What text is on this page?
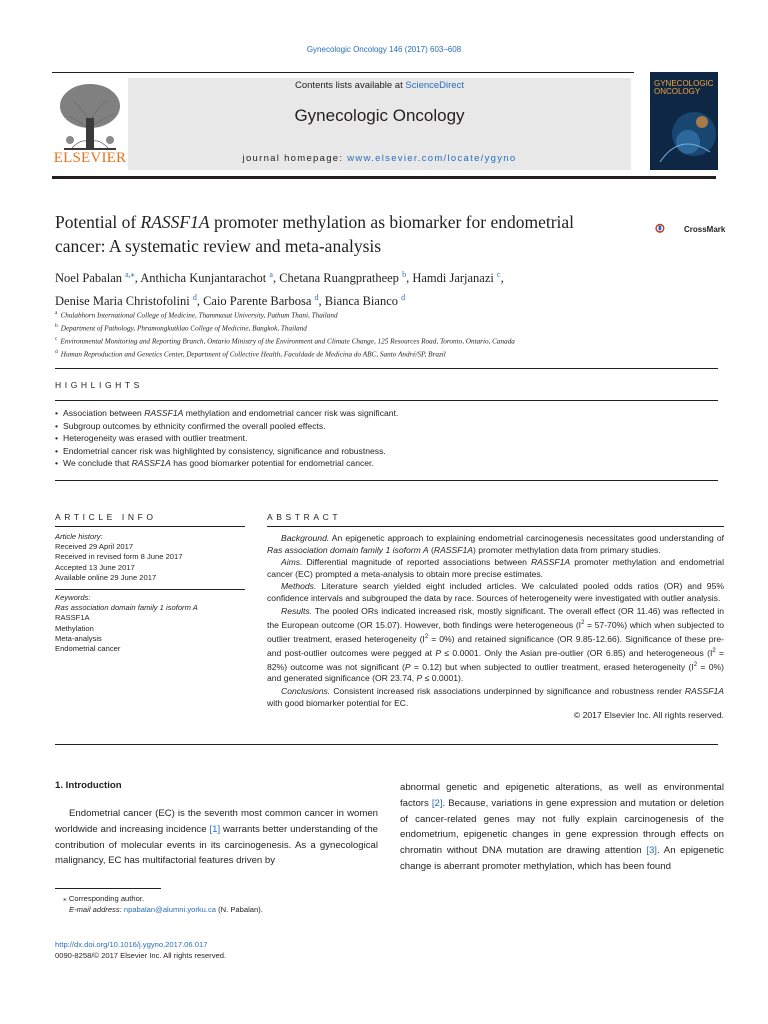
Gynecologic Oncology 146 (2017) 603–608
ELSEVIER
Contents lists available at ScienceDirect
Gynecologic Oncology
journal homepage: www.elsevier.com/locate/ygyno
GYNECOLOGIC
ONCOLOGY
Potential of RASSF1A promoter methylation as biomarker for endometrial
cancer: A systematic review and meta-analysis
CrossMark
Noel Pabalan $^{a,⁎}$, Anthicha Kunjantarachot $^a$, Chetana Ruangpratheep $^b$, Hamdi Jarjanazi $^c$,
Denise Maria Christofolini $^d$, Caio Parente Barbosa $^d$, Bianca Bianco $^d$
$^a$ Chulabhorn International College of Medicine, Thammasat University, Pathum Thani, Thailand
$^b$ Department of Pathology, Phramongkutklao College of Medicine, Bangkok, Thailand
$^c$ Environmental Monitoring and Reporting Branch, Ontario Ministry of the Environment and Climate Change, 125 Resources Road, Toronto, Ontario, Canada
$^d$ Human Reproduction and Genetics Center, Department of Collective Health, Faculdade de Medicina do ABC, Santo André/SP, Brazil
HIGHLIGHTS
• Association between RASSF1A methylation and endometrial cancer risk was significant.
• Subgroup outcomes by ethnicity confirmed the overall pooled effects.
• Heterogeneity was erased with outlier treatment.
• Endometrial cancer risk was highlighted by consistency, significance and robustness.
• We conclude that RASSF1A has good biomarker potential for endometrial cancer.
ARTICLE INFO
Article history:
Received 29 April 2017
Received in revised form 8 June 2017
Accepted 13 June 2017
Available online 29 June 2017
Keywords:
Ras association domain family 1 isoform A
RASSF1A
Methylation
Meta-analysis
Endometrial cancer
ABSTRACT

Background. An epigenetic approach to explaining endometrial carcinogenesis necessitates good understanding of Ras association domain family 1 isoform A (RASSF1A) promoter methylation data from primary studies.

Aims. Differential magnitude of reported associations between RASSF1A promoter methylation and endometrial cancer (EC) prompted a meta-analysis to obtain more precise estimates.

Methods. Literature search yielded eight included articles. We calculated pooled odds ratios (OR) and 95% confidence intervals and subgrouped the data by race. Sources of heterogeneity were investigated with outlier analysis.

Results. The pooled ORs indicated increased risk, mostly significant. The overall effect (OR 11.46) was reflected in the European outcome (OR 15.07). However, both findings were heterogeneous $(I^2 = 57-70\%)$ which when subjected to outlier treatment, erased heterogeneity $(I^2 = 0\%)$ and retained significance (OR 9.85-12.66). Significance of these pre- and post-outlier outcomes were pegged at P ≤ 0.0001. Only the Asian pre-outlier (OR 6.85) and heterogeneous $(I^2 = 82\%)$ outcome was not significant (P = 0.12) but when subjected to outlier treatment, erased heterogeneity $(I^2 = 0\%)$ and generated significance (OR 23.74, P ≤ 0.0001).

Conclusions. Consistent increased risk associations underpinned by significance and robustness render RASSF1A with good biomarker potential for EC.

© 2017 Elsevier Inc. All rights reserved.

1. Introduction
Endometrial cancer (EC) is the seventh most common cancer in women worldwide and increasing incidence [1] warrants better understanding of the contribution of molecular events in its carcinogenesis. As a gynecological malignancy, EC has multifactorial features driven by
abnormal genetic and epigenetic alterations, as well as environmental factors [2]. Because, variations in gene expression and mutation or deletion of cancer-related genes may not fully explain carcinogenesis of the endometrium, epigenetic changes in gene expression through effects on chromatin without DNA mutation are drawing attention [3]. An epigenetic change is aberrant promoter methylation, which has been found
⁎ Corresponding author.
E-mail address: npabalan@alumni.yorku.ca (N. Pabalan).
http://dx.doi.org/10.1016/j.ygyno.2017.06.017
0090-8258/© 2017 Elsevier Inc. All rights reserved.
